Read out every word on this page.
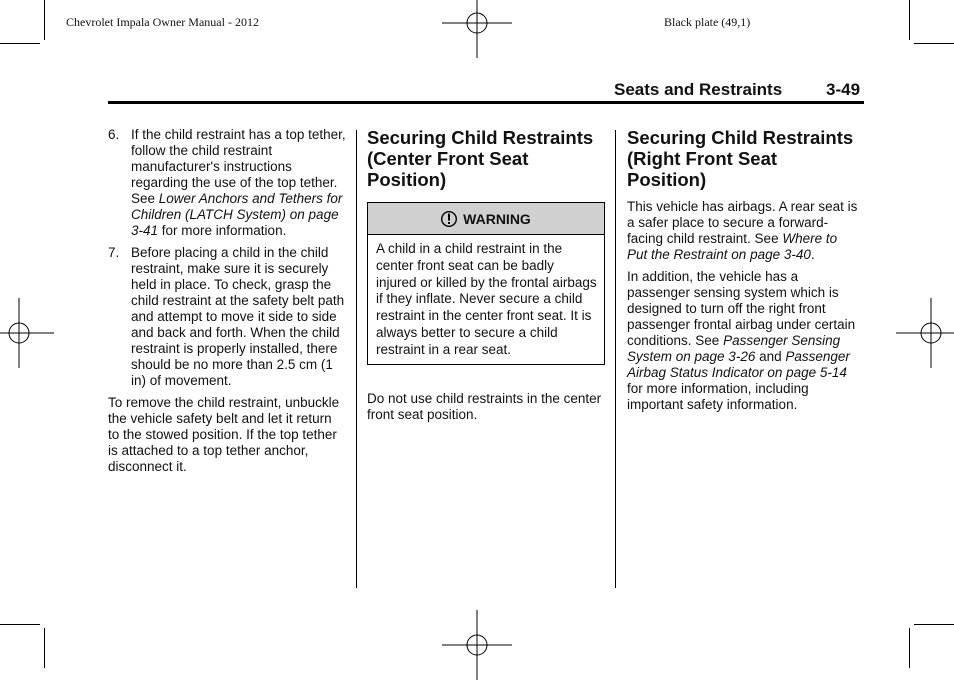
Chevrolet Impala Owner Manual - 2012	Black plate (49,1)
Seats and Restraints	3-49
6. If the child restraint has a top tether, follow the child restraint manufacturer's instructions regarding the use of the top tether. See Lower Anchors and Tethers for Children (LATCH System) on page 3-41 for more information.
7. Before placing a child in the child restraint, make sure it is securely held in place. To check, grasp the child restraint at the safety belt path and attempt to move it side to side and back and forth. When the child restraint is properly installed, there should be no more than 2.5 cm (1 in) of movement.

To remove the child restraint, unbuckle the vehicle safety belt and let it return to the stowed position. If the top tether is attached to a top tether anchor, disconnect it.

Securing Child Restraints (Center Front Seat Position)
WARNING
A child in a child restraint in the center front seat can be badly injured or killed by the frontal airbags if they inflate. Never secure a child restraint in the center front seat. It is always better to secure a child restraint in a rear seat.

Do not use child restraints in the center front seat position.

Securing Child Restraints (Right Front Seat Position)

This vehicle has airbags. A rear seat is a safer place to secure a forward-facing child restraint. See Where to Put the Restraint on page 3-40.

In addition, the vehicle has a passenger sensing system which is designed to turn off the right front passenger frontal airbag under certain conditions. See Passenger Sensing System on page 3-26 and Passenger Airbag Status Indicator on page 5-14 for more information, including important safety information.
